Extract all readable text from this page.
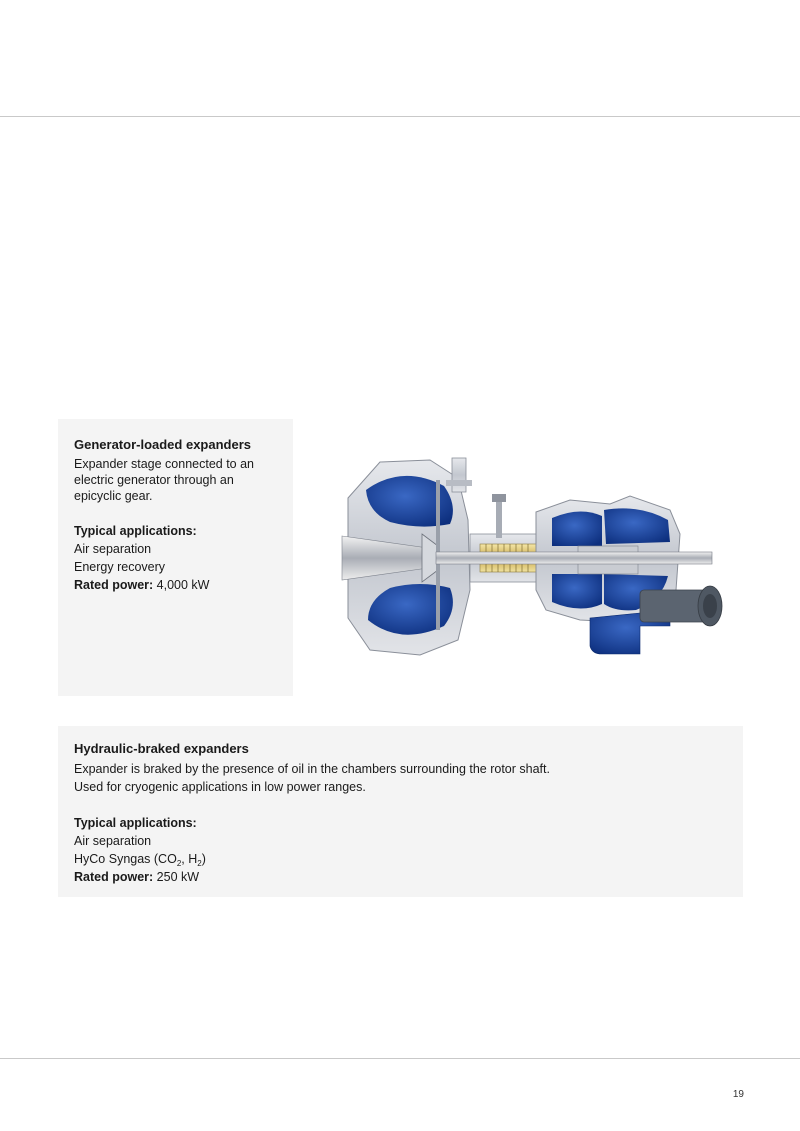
Generator-loaded expanders

Expander stage connected to an electric generator through an epicyclic gear.

Typical applications:

Air separation

Energy recovery

Rated power: 4,000 kW

Hydraulic-braked expanders

Expander is braked by the presence of oil in the chambers surrounding the rotor shaft.

Used for cryogenic applications in low power ranges.

Typical applications:

Air separation

HyCo Syngas ($CO_2$, $H_2$)

Rated power: 250 kW

19
